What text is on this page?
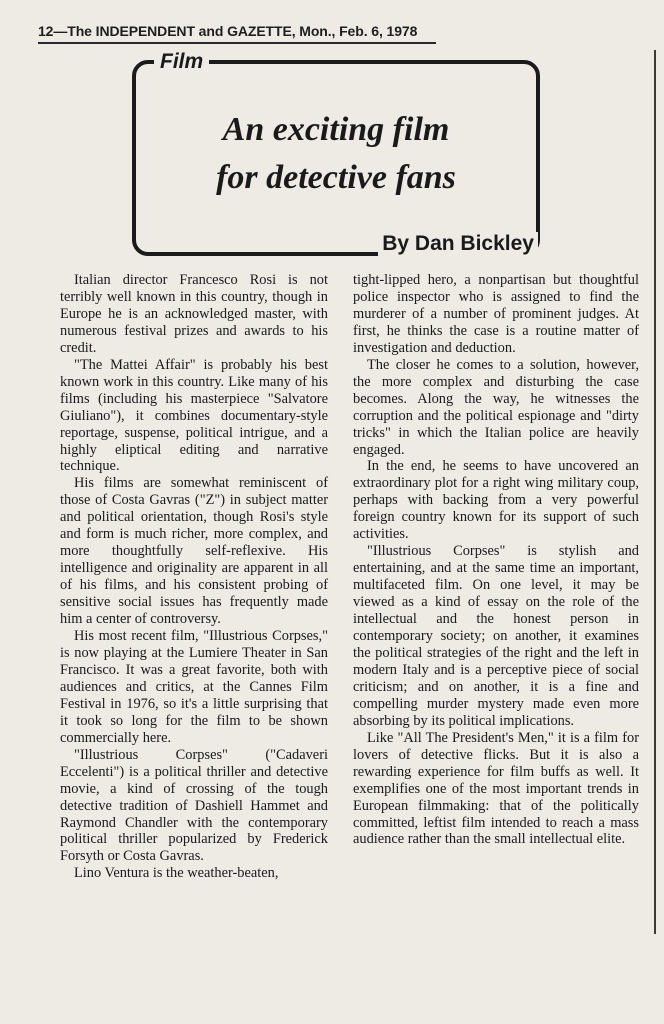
12—The INDEPENDENT and GAZETTE, Mon., Feb. 6, 1978
Film
An exciting film
for detective fans
By Dan Bickley

Italian director Francesco Rosi is not terribly well known in this country, though in Europe he is an acknowledged master, with numerous festival prizes and awards to his credit.

"The Mattei Affair" is probably his best known work in this country. Like many of his films (including his masterpiece "Salvatore Giuliano"), it combines documentary-style reportage, suspense, political intrigue, and a highly eliptical editing and narrative technique.

His films are somewhat reminiscent of those of Costa Gavras ("Z") in subject matter and political orientation, though Rosi's style and form is much richer, more complex, and more thoughtfully self-reflexive. His intelligence and originality are apparent in all of his films, and his consistent probing of sensitive social issues has frequently made him a center of controversy.

His most recent film, "Illustrious Corpses," is now playing at the Lumiere Theater in San Francisco. It was a great favorite, both with audiences and critics, at the Cannes Film Festival in 1976, so it's a little surprising that it took so long for the film to be shown commercially here.

"Illustrious Corpses" ("Cadaveri Eccelenti") is a political thriller and detective movie, a kind of crossing of the tough detective tradition of Dashiell Hammet and Raymond Chandler with the contemporary political thriller popularized by Frederick Forsyth or Costa Gavras.

Lino Ventura is the weather-beaten,

tight-lipped hero, a nonpartisan but thoughtful police inspector who is assigned to find the murderer of a number of prominent judges. At first, he thinks the case is a routine matter of investigation and deduction.

The closer he comes to a solution, however, the more complex and disturbing the case becomes. Along the way, he witnesses the corruption and the political espionage and "dirty tricks" in which the Italian police are heavily engaged.

In the end, he seems to have uncovered an extraordinary plot for a right wing military coup, perhaps with backing from a very powerful foreign country known for its support of such activities.

"Illustrious Corpses" is stylish and entertaining, and at the same time an important, multifaceted film. On one level, it may be viewed as a kind of essay on the role of the intellectual and the honest person in contemporary society; on another, it examines the political strategies of the right and the left in modern Italy and is a perceptive piece of social criticism; and on another, it is a fine and compelling murder mystery made even more absorbing by its political implications.

Like "All The President's Men," it is a film for lovers of detective flicks. But it is also a rewarding experience for film buffs as well. It exemplifies one of the most important trends in European filmmaking: that of the politically committed, leftist film intended to reach a mass audience rather than the small intellectual elite.
